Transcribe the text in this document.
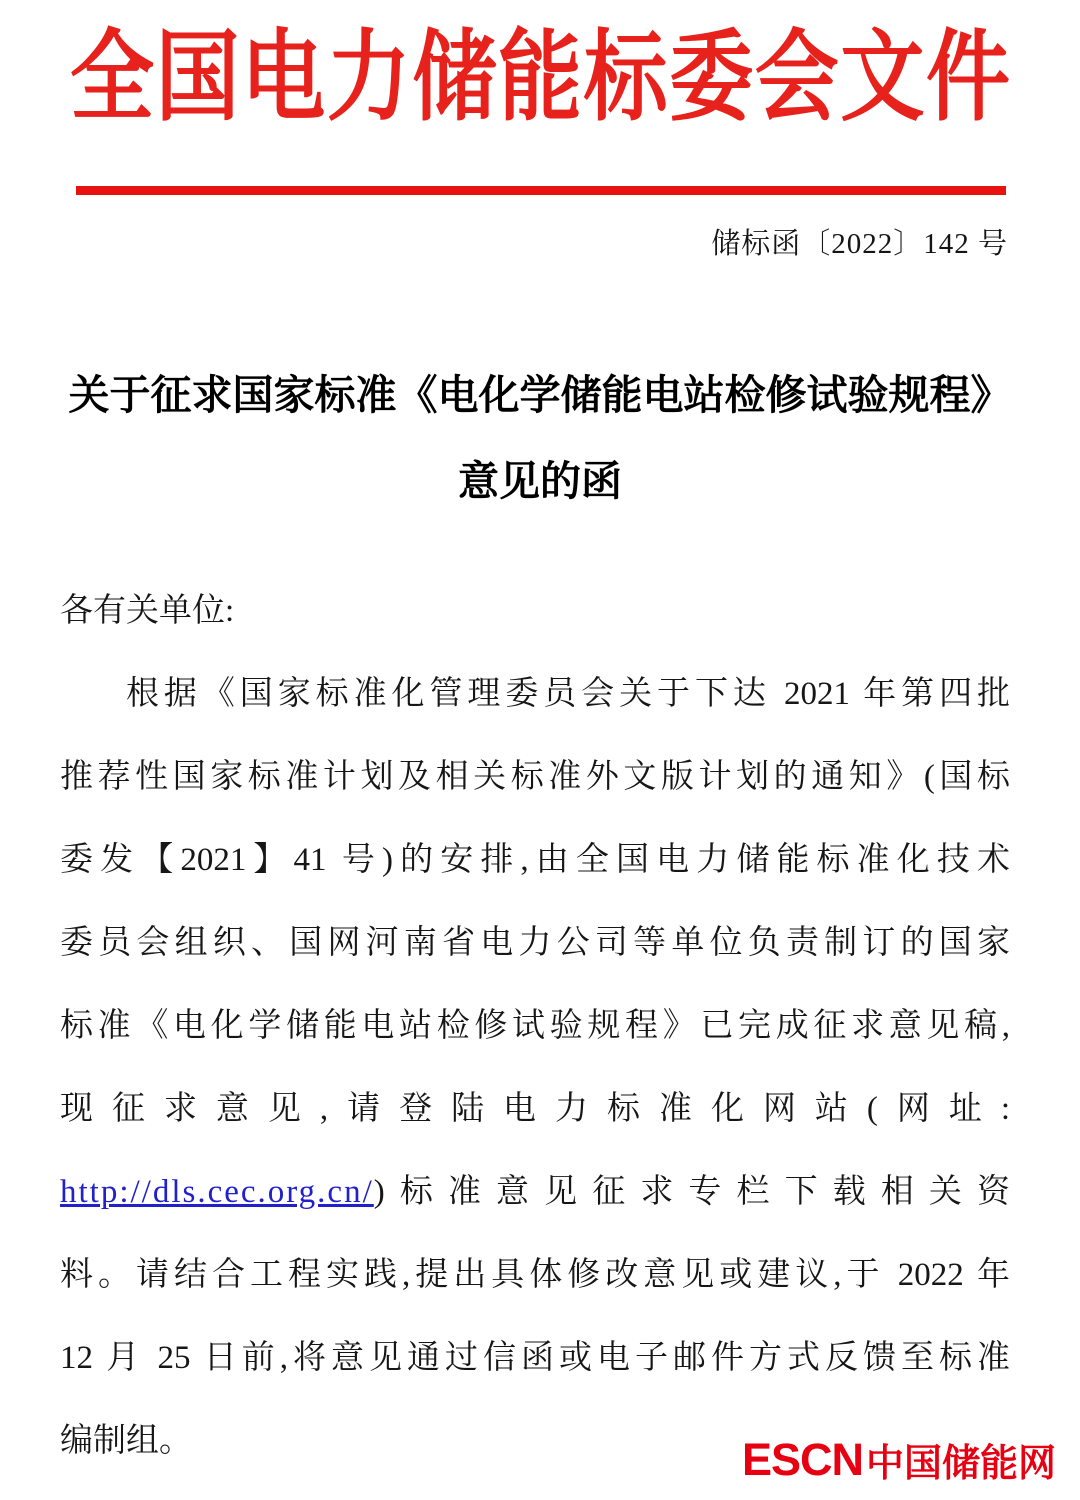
全国电力储能标委会文件
储标函〔2022〕142 号
关于征求国家标准《电化学储能电站检修试验规程》
意见的函
各有关单位:
根据《国家标准化管理委员会关于下达 2021 年第四批
推荐性国家标准计划及相关标准外文版计划的通知》(国标
委发【2021】41 号)的安排,由全国电力储能标准化技术
委员会组织、国网河南省电力公司等单位负责制订的国家
标准《电化学储能电站检修试验规程》已完成征求意见稿,
现征求意见,请登陆电力标准化网站(网址:
http://dls.cec.org.cn/)标准意见征求专栏下载相关资
料。请结合工程实践,提出具体修改意见或建议,于 2022 年
12 月 25 日前,将意见通过信函或电子邮件方式反馈至标准
编制组。	ESCN 中国储能网
